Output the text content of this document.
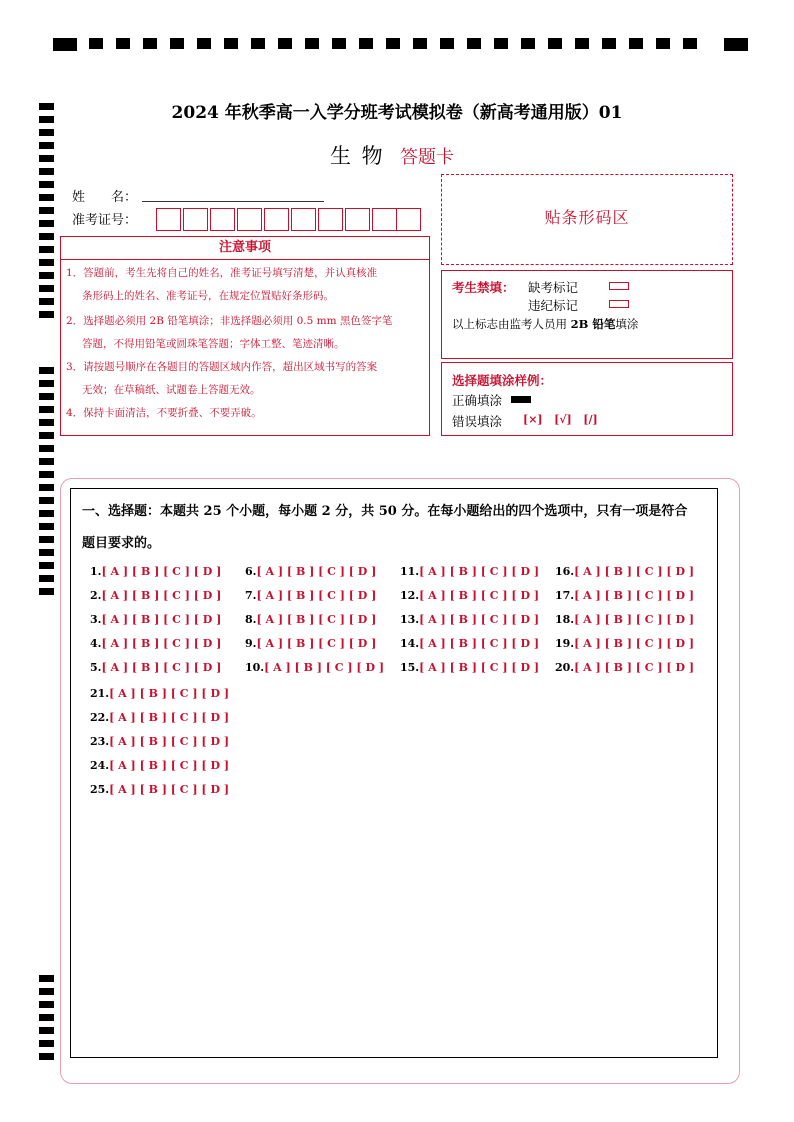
2024 年秋季高一入学分班考试模拟卷（新高考通用版）01
生 物 答题卡
姓　　名：
准考证号：	贴条形码区
注意事项
1．答题前，考生先将自己的姓名，准考证号填写清楚，并认真核准
条形码上的姓名、准考证号，在规定位置贴好条形码。
2．选择题必须用 2B 铅笔填涂；非选择题必须用 0.5 mm 黑色签字笔
答题，不得用铅笔或圆珠笔答题；字体工整、笔迹清晰。
3．请按题号顺序在各题目的答题区域内作答，超出区域书写的答案
无效；在草稿纸、试题卷上答题无效。
4．保持卡面清洁，不要折叠、不要弄破。
考生禁填： 缺考标记
违纪标记
以上标志由监考人员用 2B 铅笔填涂
选择题填涂样例：
正确填涂
错误填涂 [×]   [√]   [/]
一、选择题：本题共 25 个小题，每小题 2 分，共 50 分。在每小题给出的四个选项中，只有一项是符合
题目要求的。
1.[ A ] [ B ] [ C ] [ D ]
2.[ A ] [ B ] [ C ] [ D ]
3.[ A ] [ B ] [ C ] [ D ]
4.[ A ] [ B ] [ C ] [ D ]
5.[ A ] [ B ] [ C ] [ D ]
6.[ A ] [ B ] [ C ] [ D ]
7.[ A ] [ B ] [ C ] [ D ]
8.[ A ] [ B ] [ C ] [ D ]
9.[ A ] [ B ] [ C ] [ D ]
10.[ A ] [ B ] [ C ] [ D ]
11.[ A ] [ B ] [ C ] [ D ]
12.[ A ] [ B ] [ C ] [ D ]
13.[ A ] [ B ] [ C ] [ D ]
14.[ A ] [ B ] [ C ] [ D ]
15.[ A ] [ B ] [ C ] [ D ]
16.[ A ] [ B ] [ C ] [ D ]
17.[ A ] [ B ] [ C ] [ D ]
18.[ A ] [ B ] [ C ] [ D ]
19.[ A ] [ B ] [ C ] [ D ]
20.[ A ] [ B ] [ C ] [ D ]
21.[ A ] [ B ] [ C ] [ D ]
22.[ A ] [ B ] [ C ] [ D ]
23.[ A ] [ B ] [ C ] [ D ]
24.[ A ] [ B ] [ C ] [ D ]
25.[ A ] [ B ] [ C ] [ D ]
